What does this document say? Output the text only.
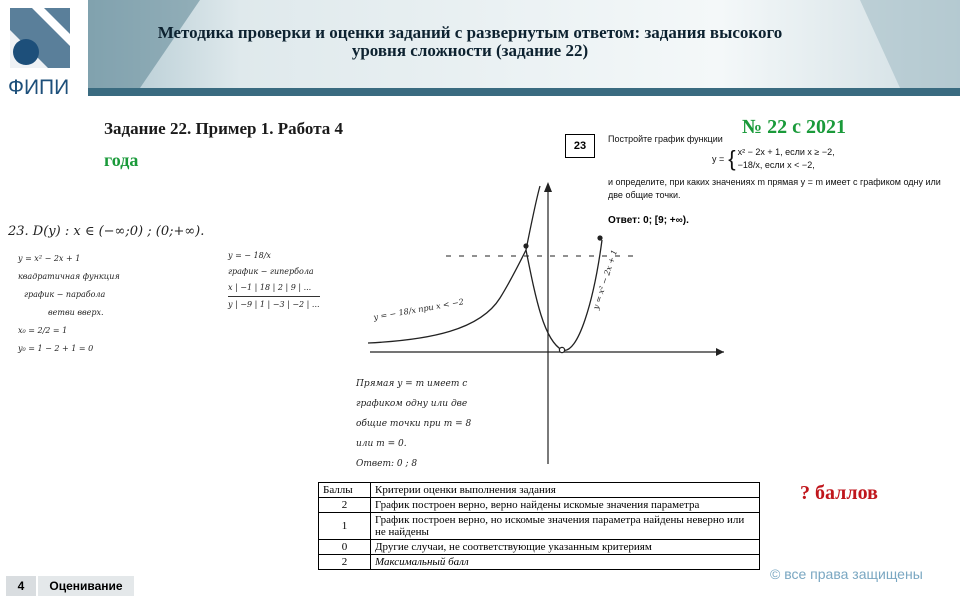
ФИПИ
Методика проверки и оценки заданий с развернутым ответом: задания высокого уровня сложности (задание 22)
Задание 22. Пример 1. Работа 4
года
№ 22 с 2021
23
Постройте график функции
y = { x² − 2x + 1, если x ≥ −2,
−18/x, если x < −2,
и определите, при каких значениях m прямая y = m имеет с графиком одну или две общие точки.
Ответ: 0; [9; +∞).
23. D(y) : x ∈ (−∞;0) ; (0;+∞).
y = x² − 2x + 1
квадратичная функция
график − парабола
ветви вверх.
x₀ = 2/2 = 1
y₀ = 1 − 2 + 1 = 0
y = − 18/x
график − гипербола
x | −1 | 18 | 2 | 9 | ...
y | −9 | 1 | −3 | −2 | ...	y = − 18/x при x < −2	y = x² − 2x + 1
Прямая y = m имеет с
графиком одну или две
общие точки при m = 8
или m = 0.
Ответ: 0 ; 8
Баллы	Критерии оценки выполнения задания
2	График построен верно, верно найдены искомые значения параметра
1	График построен верно, но искомые значения параметра найдены неверно или не найдены
0	Другие случаи, не соответствующие указанным критериям
2	Максимальный балл
? баллов
© все права защищены
4	Оценивание
